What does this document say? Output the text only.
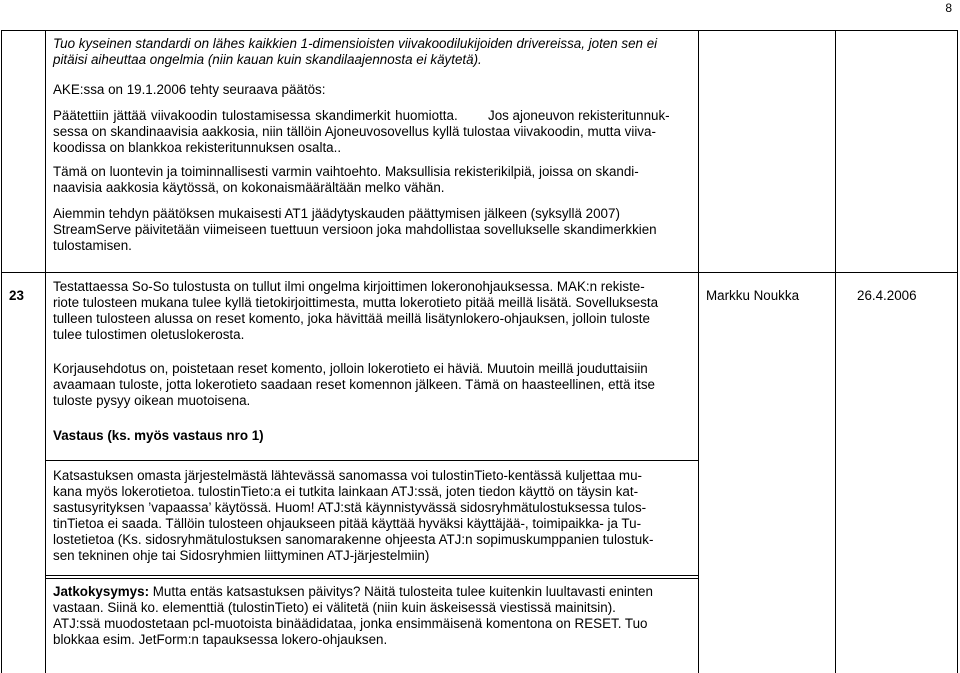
8
Tuo kyseinen standardi on lähes kaikkien 1-dimensioisten viivakoodilukijoiden drivereissa, joten sen ei
pitäisi aiheuttaa ongelmia (niin kauan kuin skandilaajennosta ei käytetä).
AKE:ssa on 19.1.2006 tehty seuraava päätös:
Päätettiin jättää viivakoodin tulostamisessa skandimerkit huomiotta. Jos ajoneuvon rekisteritunnuk-
sessa on skandinaavisia aakkosia, niin tällöin Ajoneuvosovellus kyllä tulostaa viivakoodin, mutta viiva-
koodissa on blankkoa rekisteritunnuksen osalta..
Tämä on luontevin ja toiminnallisesti varmin vaihtoehto. Maksullisia rekisterikilpiä, joissa on skandi-
naavisia aakkosia käytössä, on kokonaismäärältään melko vähän.
Aiemmin tehdyn päätöksen mukaisesti AT1 jäädytyskauden päättymisen jälkeen (syksyllä 2007)
StreamServe päivitetään viimeiseen tuettuun versioon joka mahdollistaa sovellukselle skandimerkkien
tulostamisen.
23
Testattaessa So-So tulostusta on tullut ilmi ongelma kirjoittimen lokeronohjauksessa. MAK:n rekiste-
riote tulosteen mukana tulee kyllä tietokirjoittimesta, mutta lokerotieto pitää meillä lisätä. Sovelluksesta
tulleen tulosteen alussa on reset komento, joka hävittää meillä lisätynlokero-ohjauksen, jolloin tuloste
tulee tulostimen oletuslokerosta.
Markku Noukka	26.4.2006
Korjausehdotus on, poistetaan reset komento, jolloin lokerotieto ei häviä. Muutoin meillä jouduttaisiin
avaamaan tuloste, jotta lokerotieto saadaan reset komennon jälkeen. Tämä on haasteellinen, että itse
tuloste pysyy oikean muotoisena.
Vastaus (ks. myös vastaus nro 1)
Katsastuksen omasta järjestelmästä lähtevässä sanomassa voi tulostinTieto-kentässä kuljettaa mu-
kana myös lokerotietoa. tulostinTieto:a ei tutkita lainkaan ATJ:ssä, joten tiedon käyttö on täysin kat-
sastusyrityksen ’vapaassa’ käytössä. Huom! ATJ:stä käynnistyvässä sidosryhmätulostuksessa tulos-
tinTietoa ei saada. Tällöin tulosteen ohjaukseen pitää käyttää hyväksi käyttäjää-, toimipaikka- ja Tu-
lostetietoa (Ks. sidosryhmätulostuksen sanomarakenne ohjeesta ATJ:n sopimuskumppanien tulostuk-
sen tekninen ohje tai Sidosryhmien liittyminen ATJ-järjestelmiin)
Jatkokysymys: Mutta entäs katsastuksen päivitys? Näitä tulosteita tulee kuitenkin luultavasti eninten
vastaan. Siinä ko. elementtiä (tulostinTieto) ei välitetä (niin kuin äskeisessä viestissä mainitsin).
ATJ:ssä muodostetaan pcl-muotoista binäädidataa, jonka ensimmäisenä komentona on RESET. Tuo
blokkaa esim. JetForm:n tapauksessa lokero-ohjauksen.
